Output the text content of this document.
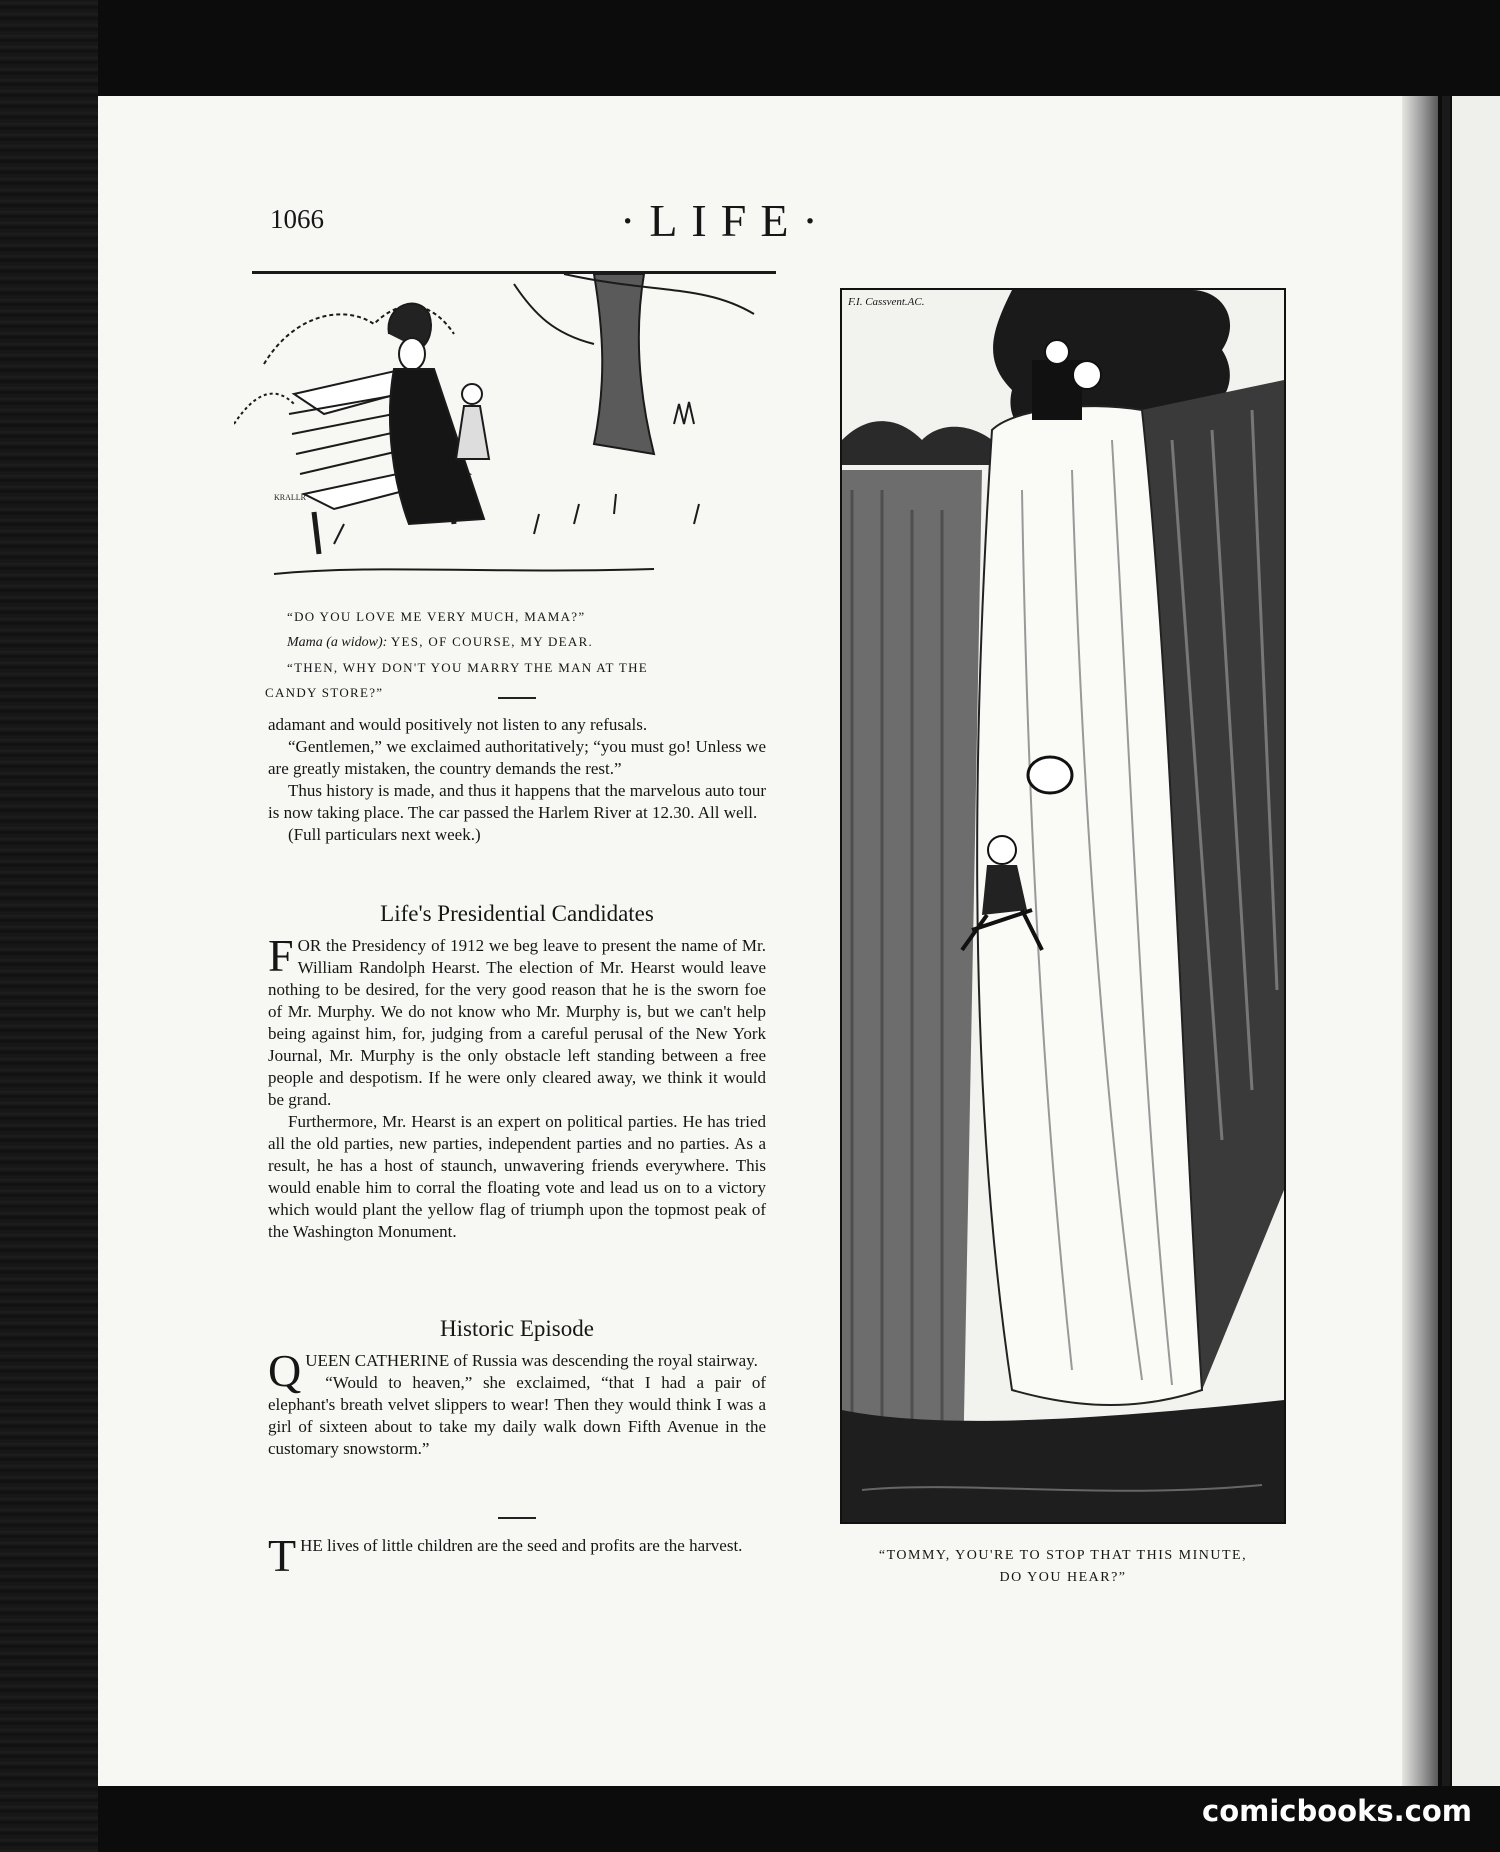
1066	·LIFE·
KRALLR
“DO YOU LOVE ME VERY MUCH, MAMA?”
Mama (a widow): YES, OF COURSE, MY DEAR.
“THEN, WHY DON'T YOU MARRY THE MAN AT THE
CANDY STORE?”

adamant and would positively not listen to any refusals.

“Gentlemen,” we exclaimed authoritatively; “you must go! Unless we are greatly mistaken, the country demands the rest.”

Thus history is made, and thus it happens that the marvelous auto tour is now taking place. The car passed the Harlem River at 12.30. All well.

(Full particulars next week.)

Life's Presidential Candidates

FOR the Presidency of 1912 we beg leave to present the name of Mr. William Randolph Hearst. The election of Mr. Hearst would leave nothing to be desired, for the very good reason that he is the sworn foe of Mr. Murphy. We do not know who Mr. Murphy is, but we can't help being against him, for, judging from a careful perusal of the New York Journal, Mr. Murphy is the only obstacle left standing between a free people and despotism. If he were only cleared away, we think it would be grand.

Furthermore, Mr. Hearst is an expert on political parties. He has tried all the old parties, new parties, independent parties and no parties. As a result, he has a host of staunch, unwavering friends everywhere. This would enable him to corral the floating vote and lead us on to a victory which would plant the yellow flag of triumph upon the topmost peak of the Washington Monument.

Historic Episode

QUEEN CATHERINE of Russia was descending the royal stairway.

“Would to heaven,” she exclaimed, “that I had a pair of elephant's breath velvet slippers to wear! Then they would think I was a girl of sixteen about to take my daily walk down Fifth Avenue in the customary snowstorm.”

THE lives of little children are the seed and profits are the harvest.

F.I. Cassvent.AC.
“TOMMY, YOU'RE TO STOP THAT THIS MINUTE,
DO YOU HEAR?”
comicbooks.com
